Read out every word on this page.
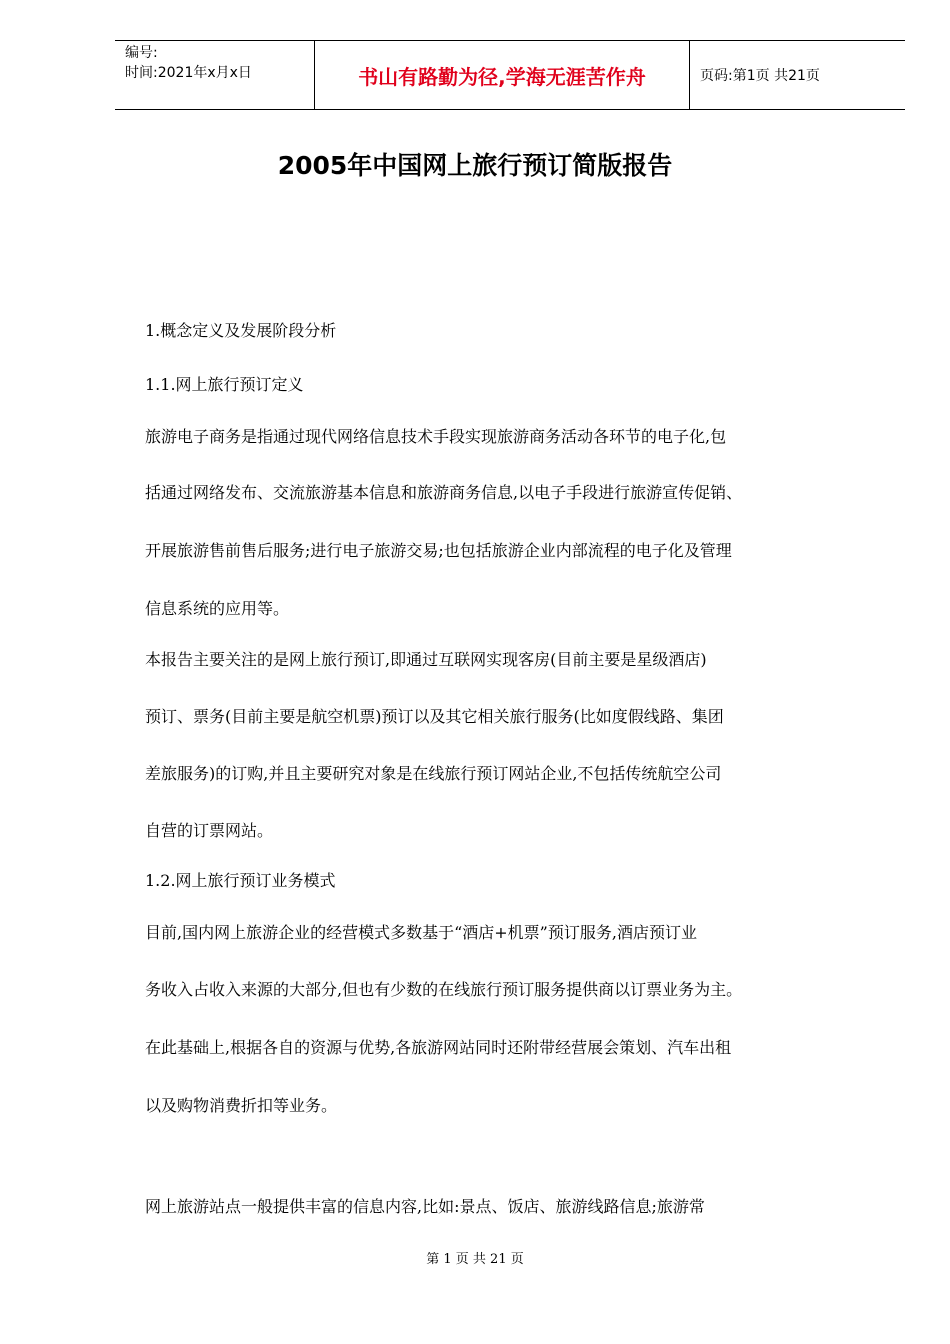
编号:
时间:2021年x月x日	书山有路勤为径,学海无涯苦作舟	页码:第1页 共21页
2005年中国网上旅行预订简版报告
1.概念定义及发展阶段分析
1.1.网上旅行预订定义
旅游电子商务是指通过现代网络信息技术手段实现旅游商务活动各环节的电子化,包
括通过网络发布、交流旅游基本信息和旅游商务信息,以电子手段进行旅游宣传促销、
开展旅游售前售后服务;进行电子旅游交易;也包括旅游企业内部流程的电子化及管理
信息系统的应用等。
本报告主要关注的是网上旅行预订,即通过互联网实现客房(目前主要是星级酒店)
预订、票务(目前主要是航空机票)预订以及其它相关旅行服务(比如度假线路、集团
差旅服务)的订购,并且主要研究对象是在线旅行预订网站企业,不包括传统航空公司
自营的订票网站。
1.2.网上旅行预订业务模式
目前,国内网上旅游企业的经营模式多数基于“酒店+机票”预订服务,酒店预订业
务收入占收入来源的大部分,但也有少数的在线旅行预订服务提供商以订票业务为主。
在此基础上,根据各自的资源与优势,各旅游网站同时还附带经营展会策划、汽车出租
以及购物消费折扣等业务。
网上旅游站点一般提供丰富的信息内容,比如:景点、饭店、旅游线路信息;旅游常
第 1 页 共 21 页
